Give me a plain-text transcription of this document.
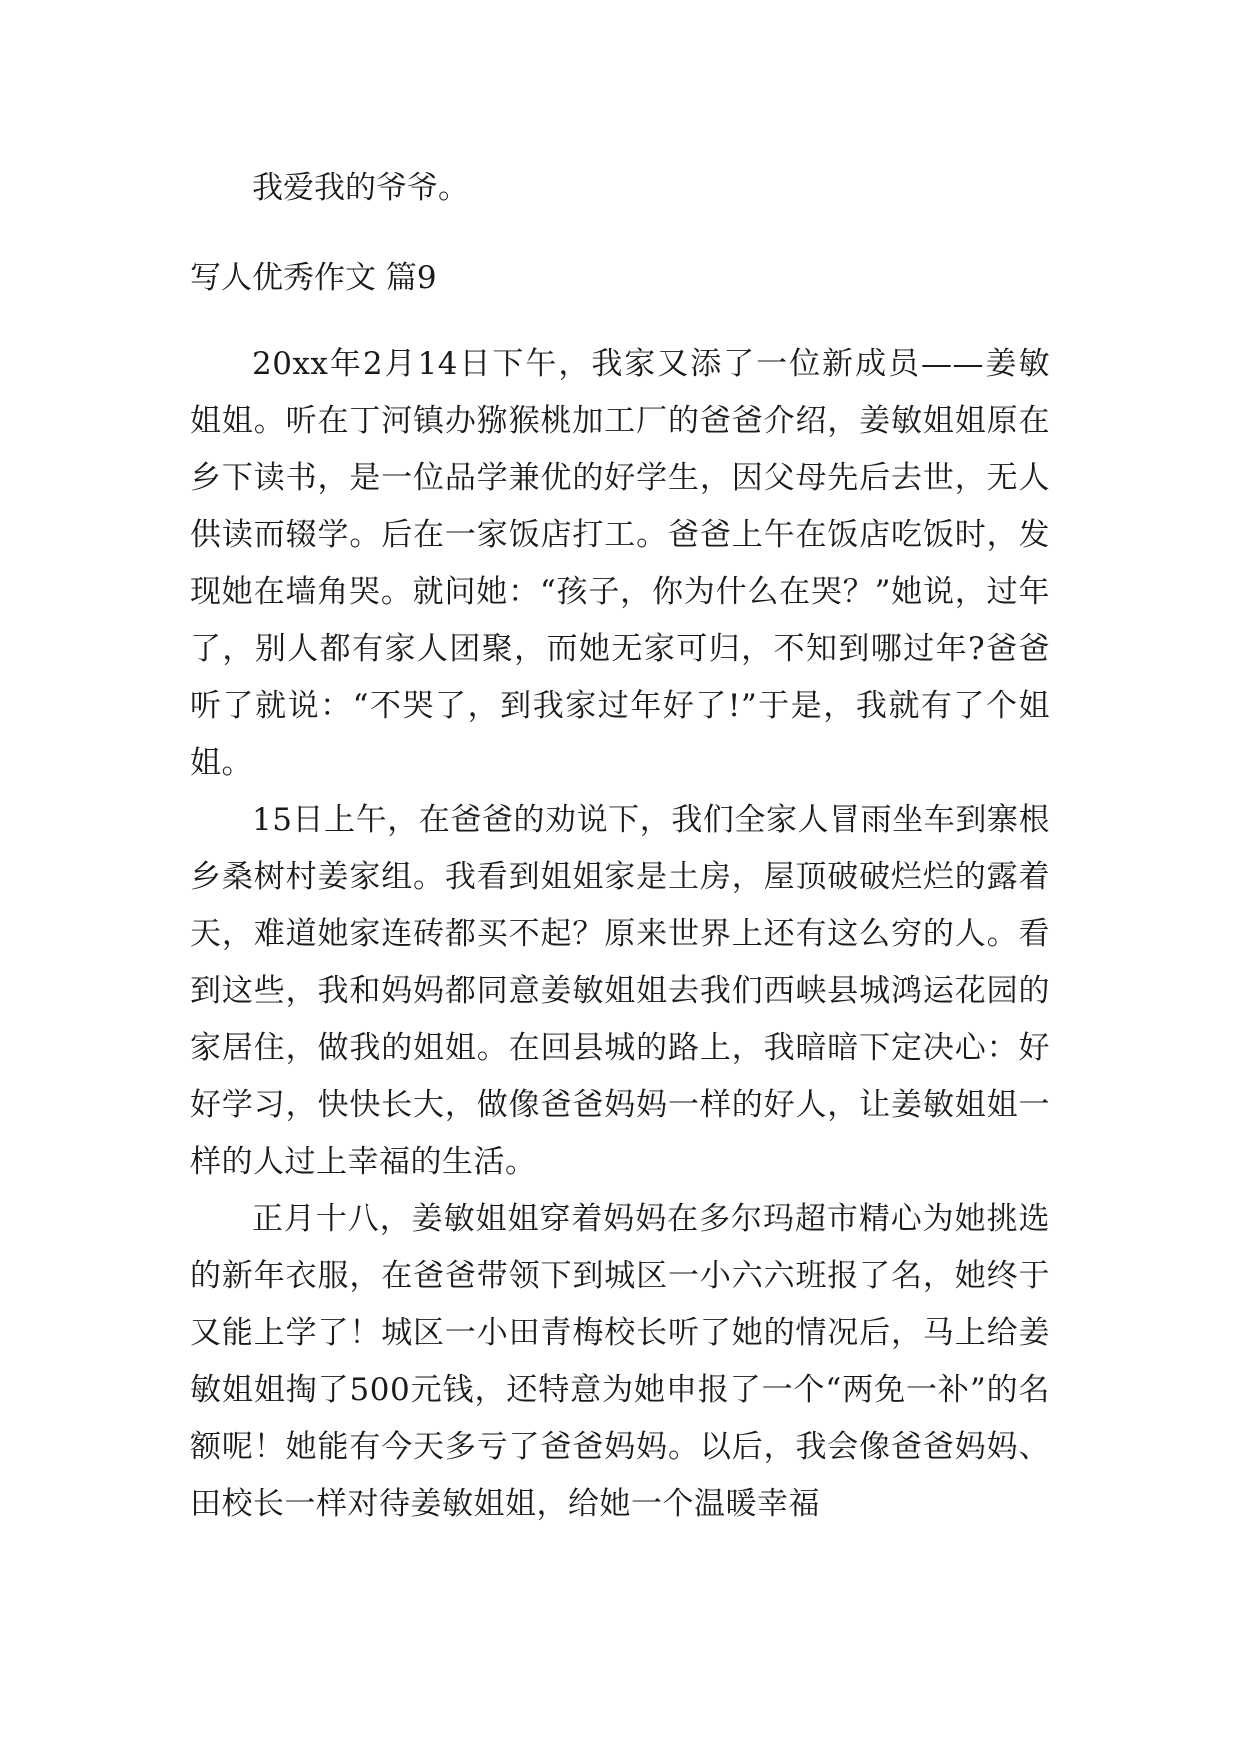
我爱我的爷爷。

写人优秀作文 篇9

20xx年2月14日下午，我家又添了一位新成员——姜敏姐姐。听在丁河镇办猕猴桃加工厂的爸爸介绍，姜敏姐姐原在乡下读书，是一位品学兼优的好学生，因父母先后去世，无人供读而辍学。后在一家饭店打工。爸爸上午在饭店吃饭时，发现她在墙角哭。就问她：“孩子，你为什么在哭？”她说，过年了，别人都有家人团聚，而她无家可归，不知到哪过年?爸爸听了就说：“不哭了，到我家过年好了!”于是，我就有了个姐姐。

15日上午，在爸爸的劝说下，我们全家人冒雨坐车到寨根乡桑树村姜家组。我看到姐姐家是土房，屋顶破破烂烂的露着天，难道她家连砖都买不起？原来世界上还有这么穷的人。看到这些，我和妈妈都同意姜敏姐姐去我们西峡县城鸿运花园的家居住，做我的姐姐。在回县城的路上，我暗暗下定决心：好好学习，快快长大，做像爸爸妈妈一样的好人，让姜敏姐姐一样的人过上幸福的生活。

正月十八，姜敏姐姐穿着妈妈在多尔玛超市精心为她挑选的新年衣服，在爸爸带领下到城区一小六六班报了名，她终于又能上学了！城区一小田青梅校长听了她的情况后，马上给姜敏姐姐掏了500元钱，还特意为她申报了一个“两免一补”的名额呢！她能有今天多亏了爸爸妈妈。以后，我会像爸爸妈妈、田校长一样对待姜敏姐姐，给她一个温暖幸福
